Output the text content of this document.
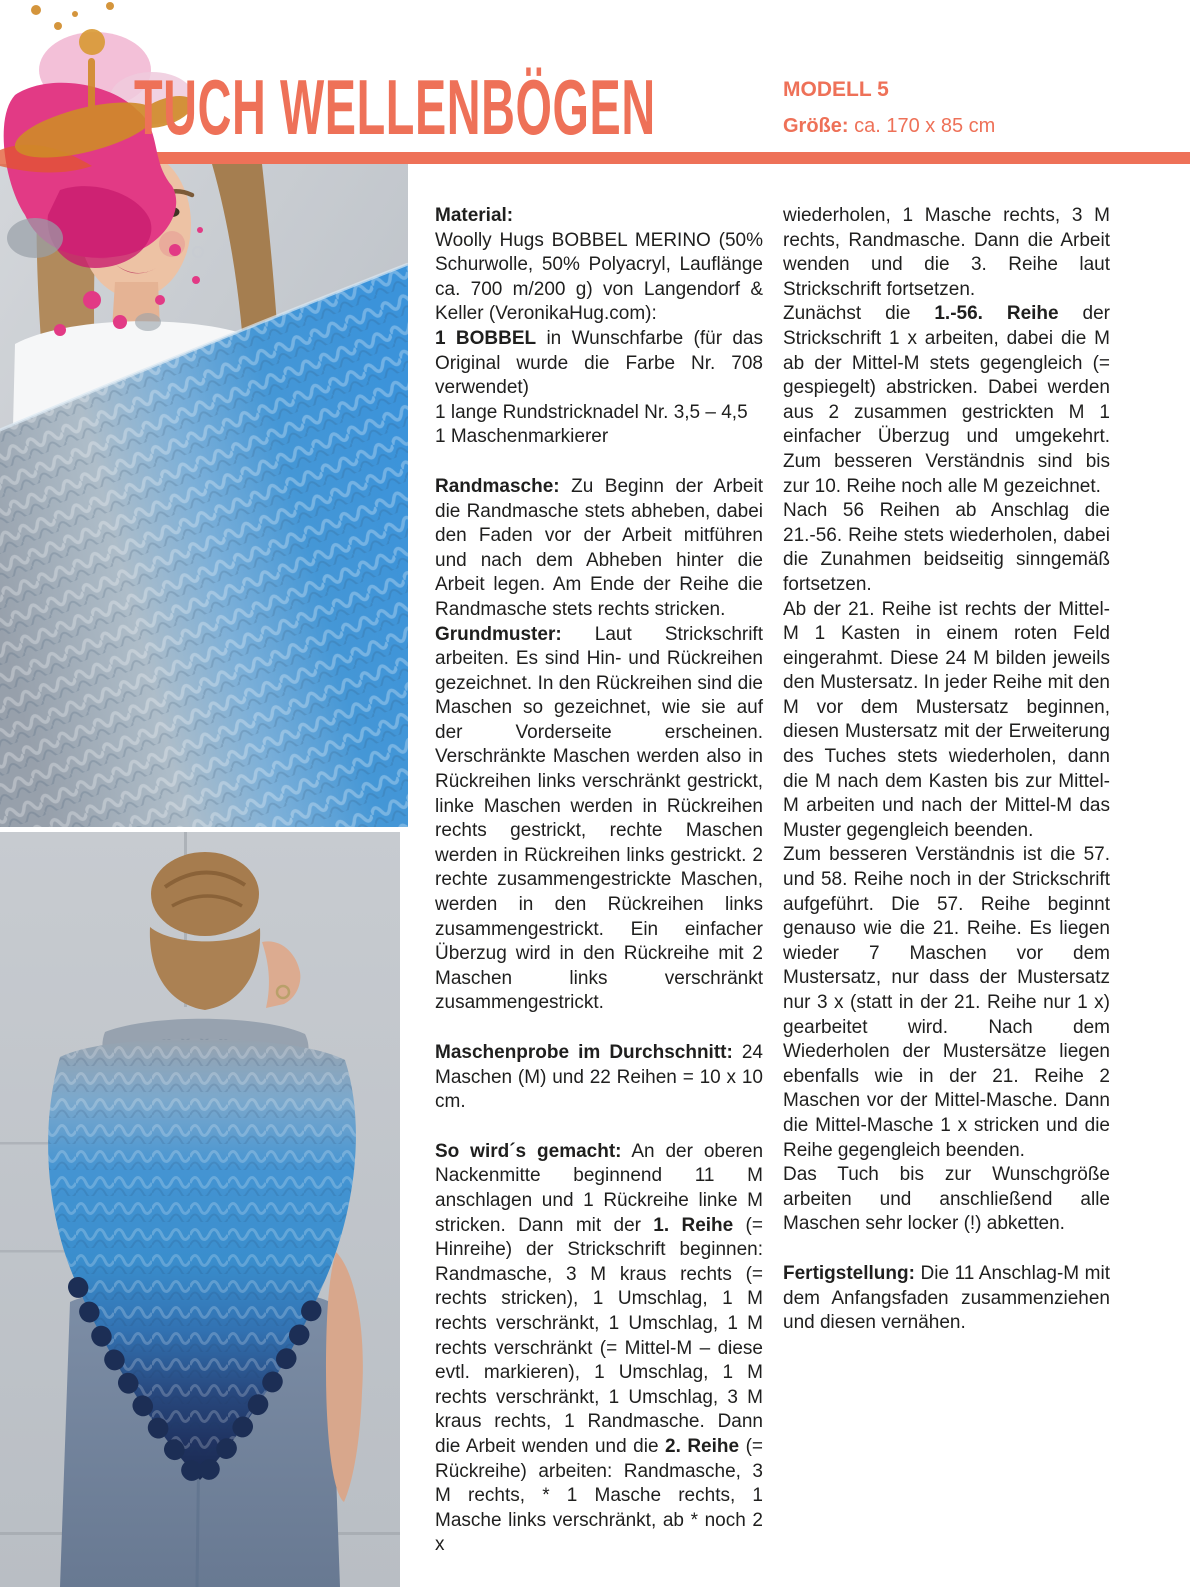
TUCH WELLENBÖGEN	MODELL 5
Größe: ca. 170 x 85 cm

Material:

Woolly Hugs BOBBEL MERINO (50% Schurwolle, 50% Polyacryl, Lauflänge ca. 700 m/200 g) von Langendorf & Keller (VeronikaHug.com):

1 BOBBEL in Wunschfarbe (für das Original wurde die Farbe Nr. 708 verwendet)

1 lange Rundstricknadel Nr. 3,5 – 4,5

1 Maschenmarkierer

Randmasche: Zu Beginn der Arbeit die Randmasche stets abheben, dabei den Faden vor der Arbeit mitführen und nach dem Abheben hinter die Arbeit legen. Am Ende der Reihe die Randmasche stets rechts stricken.

Grundmuster: Laut Strickschrift arbeiten. Es sind Hin- und Rückreihen gezeichnet. In den Rückreihen sind die Maschen so gezeichnet, wie sie auf der Vorderseite erscheinen. Verschränkte Maschen werden also in Rückreihen links verschränkt gestrickt, linke Maschen werden in Rückreihen rechts gestrickt, rechte Maschen werden in Rückreihen links gestrickt. 2 rechte zusammengestrickte Maschen, werden in den Rückreihen links zusammengestrickt. Ein einfacher Überzug wird in den Rückreihe mit 2 Maschen links verschränkt zusammengestrickt.

Maschenprobe im Durchschnitt: 24 Maschen (M) und 22 Reihen = 10 x 10 cm.

So wird´s gemacht: An der oberen Nackenmitte beginnend 11 M anschlagen und 1 Rückreihe linke M stricken. Dann mit der 1. Reihe (= Hinreihe) der Strickschrift beginnen: Randmasche, 3 M kraus rechts (= rechts stricken), 1 Umschlag, 1 M rechts verschränkt, 1 Umschlag, 1 M rechts verschränkt (= Mittel-M – diese evtl. markieren), 1 Umschlag, 1 M rechts verschränkt, 1 Umschlag, 3 M kraus rechts, 1 Randmasche. Dann die Arbeit wenden und die 2. Reihe (= Rückreihe) arbeiten: Randmasche, 3 M rechts, * 1 Masche rechts, 1 Masche links verschränkt, ab * noch 2 x

wiederholen, 1 Masche rechts, 3 M rechts, Randmasche. Dann die Arbeit wenden und die 3. Reihe laut Strickschrift fortsetzen.

Zunächst die 1.-56. Reihe der Strickschrift 1 x arbeiten, dabei die M ab der Mittel-M stets gegengleich (= gespiegelt) abstricken. Dabei werden aus 2 zusammen gestrickten M 1 einfacher Überzug und umgekehrt. Zum besseren Verständnis sind bis zur 10. Reihe noch alle M gezeichnet.

Nach 56 Reihen ab Anschlag die 21.-56. Reihe stets wiederholen, dabei die Zunahmen beidseitig sinngemäß fortsetzen.

Ab der 21. Reihe ist rechts der Mittel-M 1 Kasten in einem roten Feld eingerahmt. Diese 24 M bilden jeweils den Mustersatz. In jeder Reihe mit den M vor dem Mustersatz beginnen, diesen Mustersatz mit der Erweiterung des Tuches stets wiederholen, dann die M nach dem Kasten bis zur Mittel-M arbeiten und nach der Mittel-M das Muster gegengleich beenden.

Zum besseren Verständnis ist die 57. und 58. Reihe noch in der Strickschrift aufgeführt. Die 57. Reihe beginnt genauso wie die 21. Reihe. Es liegen wieder 7 Maschen vor dem Mustersatz, nur dass der Mustersatz nur 3 x (statt in der 21. Reihe nur 1 x) gearbeitet wird. Nach dem Wiederholen der Mustersätze liegen ebenfalls wie in der 21. Reihe 2 Maschen vor der Mittel-Masche. Dann die Mittel-Masche 1 x stricken und die Reihe gegengleich beenden.

Das Tuch bis zur Wunschgröße arbeiten und anschließend alle Maschen sehr locker (!) abketten.

Fertigstellung: Die 11 Anschlag-M mit dem Anfangsfaden zusammenziehen und diesen vernähen.
